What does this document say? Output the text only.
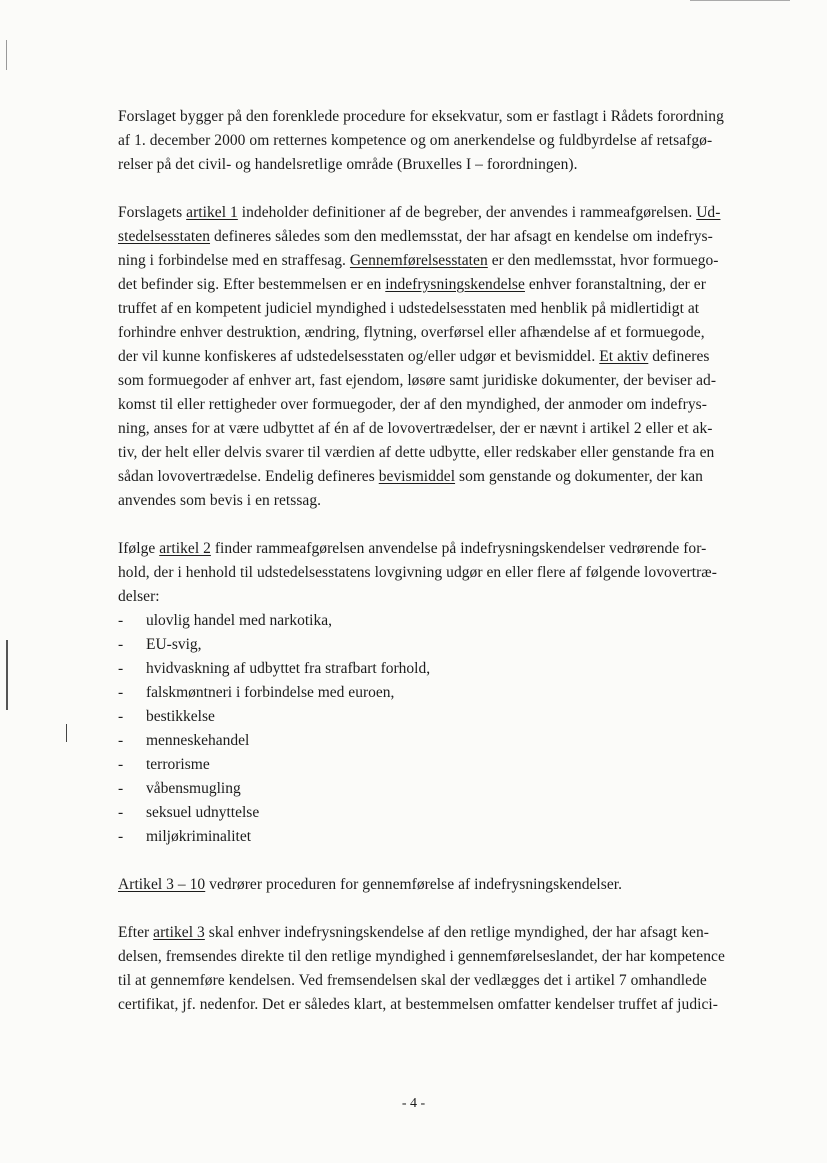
Forslaget bygger på den forenklede procedure for eksekvatur, som er fastlagt i Rådets forordning
af 1. december 2000 om retternes kompetence og om anerkendelse og fuldbyrdelse af retsafgø-
relser på det civil- og handelsretlige område (Bruxelles I – forordningen).
Forslagets artikel 1 indeholder definitioner af de begreber, der anvendes i rammeafgørelsen. Ud-
stedelsesstaten defineres således som den medlemsstat, der har afsagt en kendelse om indefrys-
ning i forbindelse med en straffesag. Gennemførelsesstaten er den medlemsstat, hvor formuego-
det befinder sig. Efter bestemmelsen er en indefrysningskendelse enhver foranstaltning, der er
truffet af en kompetent judiciel myndighed i udstedelsesstaten med henblik på midlertidigt at
forhindre enhver destruktion, ændring, flytning, overførsel eller afhændelse af et formuegode,
der vil kunne konfiskeres af udstedelsesstaten og/eller udgør et bevismiddel. Et aktiv defineres
som formuegoder af enhver art, fast ejendom, løsøre samt juridiske dokumenter, der beviser ad-
komst til eller rettigheder over formuegoder, der af den myndighed, der anmoder om indefrys-
ning, anses for at være udbyttet af én af de lovovertrædelser, der er nævnt i artikel 2 eller et ak-
tiv, der helt eller delvis svarer til værdien af dette udbytte, eller redskaber eller genstande fra en
sådan lovovertrædelse. Endelig defineres bevismiddel som genstande og dokumenter, der kan
anvendes som bevis i en retssag.
Ifølge artikel 2 finder rammeafgørelsen anvendelse på indefrysningskendelser vedrørende for-
hold, der i henhold til udstedelsesstatens lovgivning udgør en eller flere af følgende lovovertræ-
delser:
- ulovlig handel med narkotika,
- EU-svig,
- hvidvaskning af udbyttet fra strafbart forhold,
- falskmøntneri i forbindelse med euroen,
- bestikkelse
- menneskehandel
- terrorisme
- våbensmugling
- seksuel udnyttelse
- miljøkriminalitet
Artikel 3 – 10 vedrører proceduren for gennemførelse af indefrysningskendelser.
Efter artikel 3 skal enhver indefrysningskendelse af den retlige myndighed, der har afsagt ken-
delsen, fremsendes direkte til den retlige myndighed i gennemførelseslandet, der har kompetence
til at gennemføre kendelsen. Ved fremsendelsen skal der vedlægges det i artikel 7 omhandlede
certifikat, jf. nedenfor. Det er således klart, at bestemmelsen omfatter kendelser truffet af judici-
- 4 -
